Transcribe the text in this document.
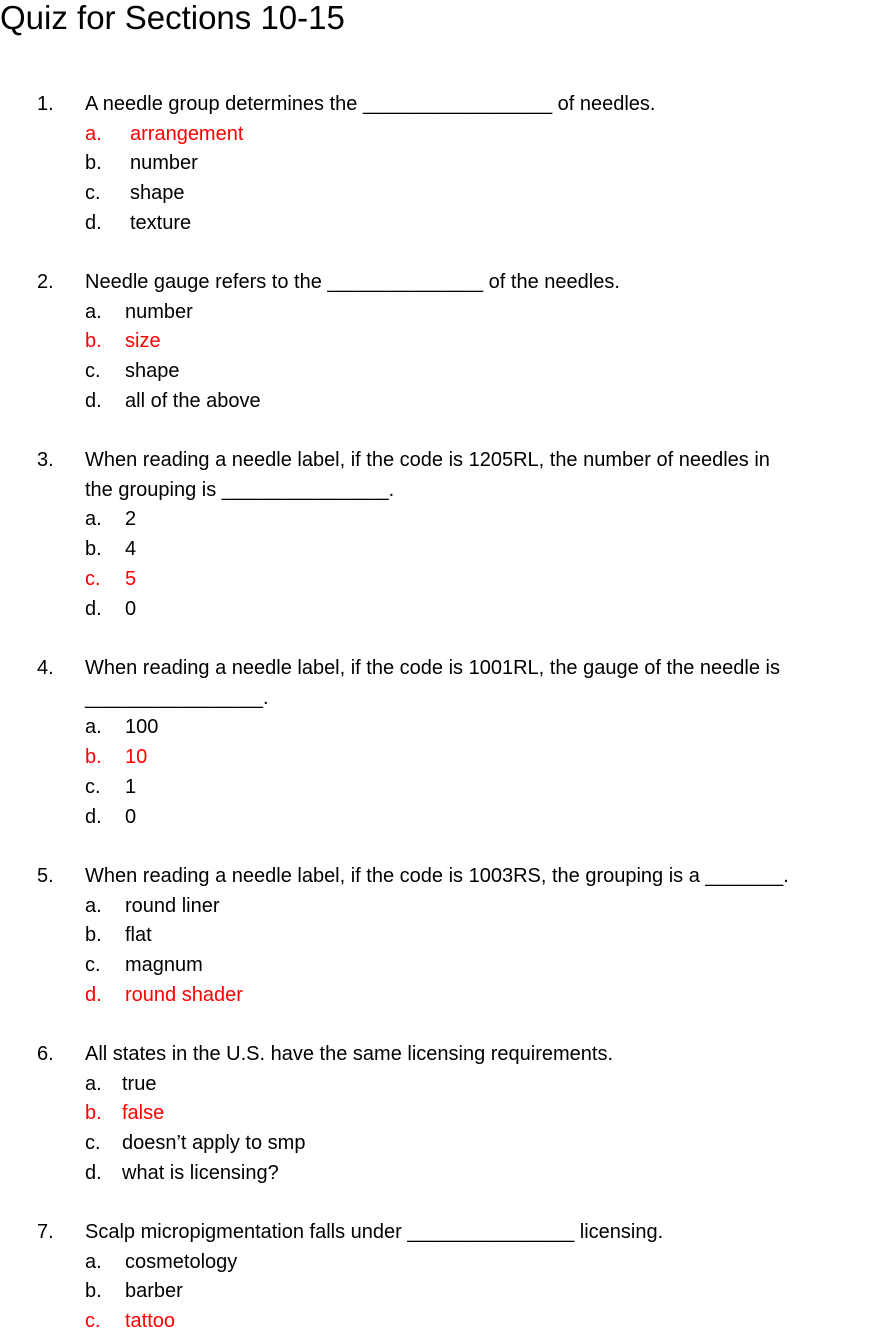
Quiz for Sections 10-15
1. A needle group determines the _________________ of needles.
a. arrangement
b. number
c. shape
d. texture
2. Needle gauge refers to the ______________ of the needles.
a. number
b. size
c. shape
d. all of the above
3. When reading a needle label, if the code is 1205RL, the number of needles in
the grouping is _______________.
a. 2
b. 4
c. 5
d. 0
4. When reading a needle label, if the code is 1001RL, the gauge of the needle is
________________.
a. 100
b. 10
c. 1
d. 0
5. When reading a needle label, if the code is 1003RS, the grouping is a _______.
a. round liner
b. flat
c. magnum
d. round shader
6. All states in the U.S. have the same licensing requirements.
a. true
b. false
c. doesn’t apply to smp
d. what is licensing?
7. Scalp micropigmentation falls under _______________ licensing.
a. cosmetology
b. barber
c. tattoo
